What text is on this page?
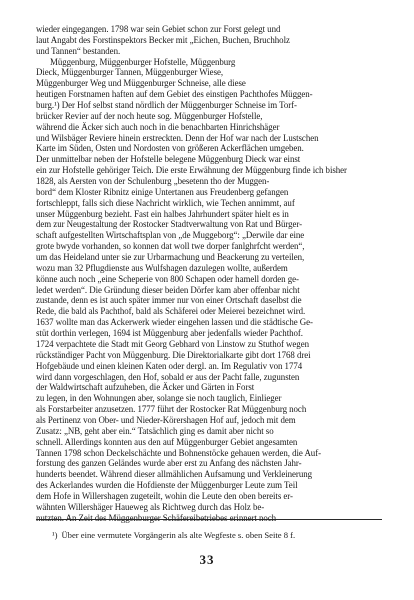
wieder eingegangen. 1798 war sein Gebiet schon zur Forst gelegt und
laut Angabt des Forstinspektors Becker mit „Eichen, Buchen, Bruchholz
und Tannen“ bestanden.
Müggenburg, Müggenburger Hofstelle, Müggenburg
Dieck, Müggenburger Tannen, Müggenburger Wiese,
Müggenburger Weg und Müggenburger Schneise, alle diese
heutigen Forstnamen haften auf dem Gebiet des einstigen Pachthofes Müggen-
burg.¹) Der Hof selbst stand nördlich der Müggenburger Schneise im Torf-
brücker Revier auf der noch heute sog. Müggenburger Hofstelle,
während die Äcker sich auch noch in die benachbarten Hinrichshäger
und Wilsbäger Reviere hinein erstreckten. Denn der Hof war nach der Lustschen
Karte im Süden, Osten und Nordosten von größeren Ackerflächen umgeben.
Der unmittelbar neben der Hofstelle belegene Müggenburg Dieck war einst
ein zur Hofstelle gehöriger Teich. Die erste Erwähnung der Müggenburg finde ich bisher
1828, als Aersten von der Schulenburg „besetenn tho der Muggen-
bord“ dem Kloster Ribnitz einige Untertanen aus Freudenberg gefangen
fortschleppt, falls sich diese Nachricht wirklich, wie Techen annimmt, auf
unser Müggenburg bezieht. Fast ein halbes Jahrhundert später hielt es in
dem zur Neugestaltung der Rostocker Stadtverwaltung von Rat und Bürger-
schaft aufgestellten Wirtschaftsplan von „de Muggeborg“: „Derwile dar eine
grote bwyde vorhanden, so konnen dat woll twe dorper fanlghrfcht werden“,
um das Heideland unter sie zur Urbarmachung und Beackerung zu verteilen,
wozu man 32 Pflugdienste aus Wulfshagen dazulegen wollte, außerdem
könne auch noch „eine Scheperie von 800 Schapen oder hamell dorden ge-
ledet werden“. Die Gründung dieser beiden Dörfer kam aber offenbar nicht
zustande, denn es ist auch später immer nur von einer Ortschaft daselbst die
Rede, die bald als Pachthof, bald als Schäferei oder Meierei bezeichnet wird.
1637 wollte man das Ackerwerk wieder eingehen lassen und die städtische Ge-
stüt dorthin verlegen, 1694 ist Müggenburg aber jedenfalls wieder Pachthof.
1724 verpachtete die Stadt mit Georg Gebhard von Linstow zu Stuthof wegen
rückständiger Pacht von Müggenburg. Die Direktorialkarte gibt dort 1768 drei
Hofgebäude und einen kleinen Katen oder dergl. an. Im Regulativ von 1774
wird dann vorgeschlagen, den Hof, sobald er aus der Pacht falle, zugunsten
der Waldwirtschaft aufzuheben, die Äcker und Gärten in Forst
zu legen, in den Wohnungen aber, solange sie noch tauglich, Einlieger
als Forstarbeiter anzusetzen. 1777 führt der Rostocker Rat Müggenburg noch
als Pertinenz von Ober- und Nieder-Körershagen Hof auf, jedoch mit dem
Zusatz: „NB, geht aber ein.“ Tatsächlich ging es damit aber nicht so
schnell. Allerdings konnten aus den auf Müggenburger Gebiet angesamten
Tannen 1798 schon Deckelschächte und Bohnenstöcke gehauen werden, die Auf-
forstung des ganzen Geländes wurde aber erst zu Anfang des nächsten Jahr-
hunderts beendet. Während dieser allmählichen Aufsamung und Verkleinerung
des Ackerlandes wurden die Hofdienste der Müggenburger Leute zum Teil
dem Hofe in Willershagen zugeteilt, wohin die Leute den oben bereits er-
wähnten Willershäger Haueweg als Richtweg durch das Holz be-
nutzten. An Zeit des Müggenburger Schäfereibetriebes erinnert noch
¹) Über eine vermutete Vorgängerin als alte Wegfeste s. oben Seite 8 f.
33
